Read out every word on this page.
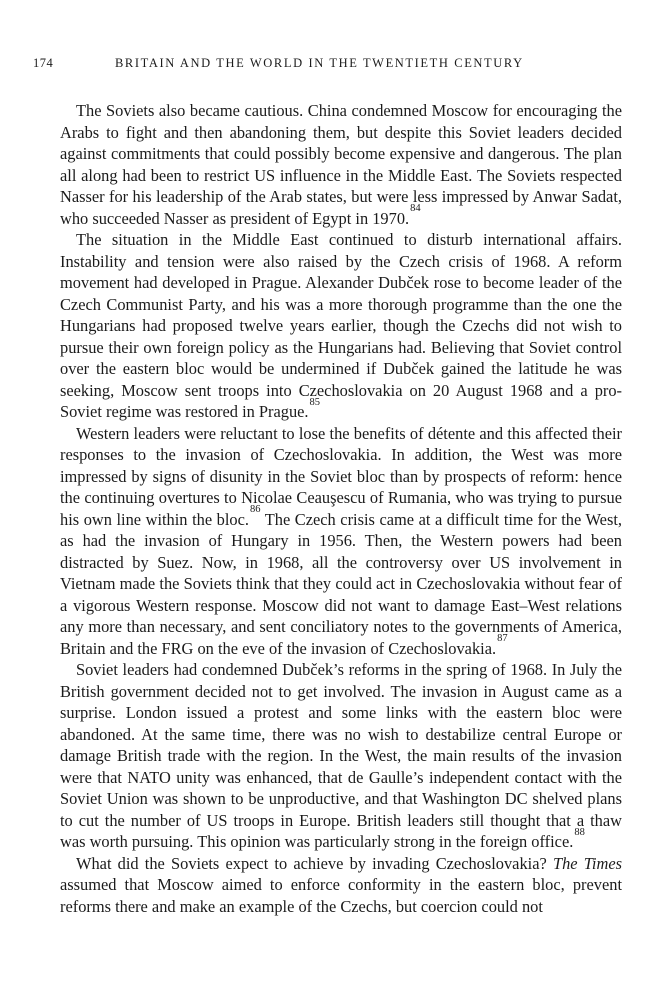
174	BRITAIN AND THE WORLD IN THE TWENTIETH CENTURY

The Soviets also became cautious. China condemned Moscow for encouraging the Arabs to fight and then abandoning them, but despite this Soviet leaders decided against commitments that could possibly become expensive and dangerous. The plan all along had been to restrict US influence in the Middle East. The Soviets respected Nasser for his leadership of the Arab states, but were less impressed by Anwar Sadat, who succeeded Nasser as president of Egypt in 1970.84

The situation in the Middle East continued to disturb international affairs. Instability and tension were also raised by the Czech crisis of 1968. A reform movement had developed in Prague. Alexander Dubček rose to become leader of the Czech Communist Party, and his was a more thorough programme than the one the Hungarians had proposed twelve years earlier, though the Czechs did not wish to pursue their own foreign policy as the Hungarians had. Believing that Soviet control over the eastern bloc would be undermined if Dubček gained the latitude he was seeking, Moscow sent troops into Czechoslovakia on 20 August 1968 and a pro-Soviet regime was restored in Prague.$^{85}$

Western leaders were reluctant to lose the benefits of détente and this affected their responses to the invasion of Czechoslovakia. In addition, the West was more impressed by signs of disunity in the Soviet bloc than by prospects of reform: hence the continuing overtures to Nicolae Ceauşescu of Rumania, who was trying to pursue his own line within the bloc.$^{86}$ The Czech crisis came at a difficult time for the West, as had the invasion of Hungary in 1956. Then, the Western powers had been distracted by Suez. Now, in 1968, all the controversy over US involvement in Vietnam made the Soviets think that they could act in Czechoslovakia without fear of a vigorous Western response. Moscow did not want to damage East–West relations any more than necessary, and sent conciliatory notes to the governments of America, Britain and the FRG on the eve of the invasion of Czechoslovakia.$^{87}$

Soviet leaders had condemned Dubček’s reforms in the spring of 1968. In July the British government decided not to get involved. The invasion in August came as a surprise. London issued a protest and some links with the eastern bloc were abandoned. At the same time, there was no wish to destabilize central Europe or damage British trade with the region. In the West, the main results of the invasion were that NATO unity was enhanced, that de Gaulle’s independent contact with the Soviet Union was shown to be unproductive, and that Washington DC shelved plans to cut the number of US troops in Europe. British leaders still thought that a thaw was worth pursuing. This opinion was particularly strong in the foreign office.$^{88}$

What did the Soviets expect to achieve by invading Czechoslovakia? The Times assumed that Moscow aimed to enforce conformity in the eastern bloc, prevent reforms there and make an example of the Czechs, but coercion could not
